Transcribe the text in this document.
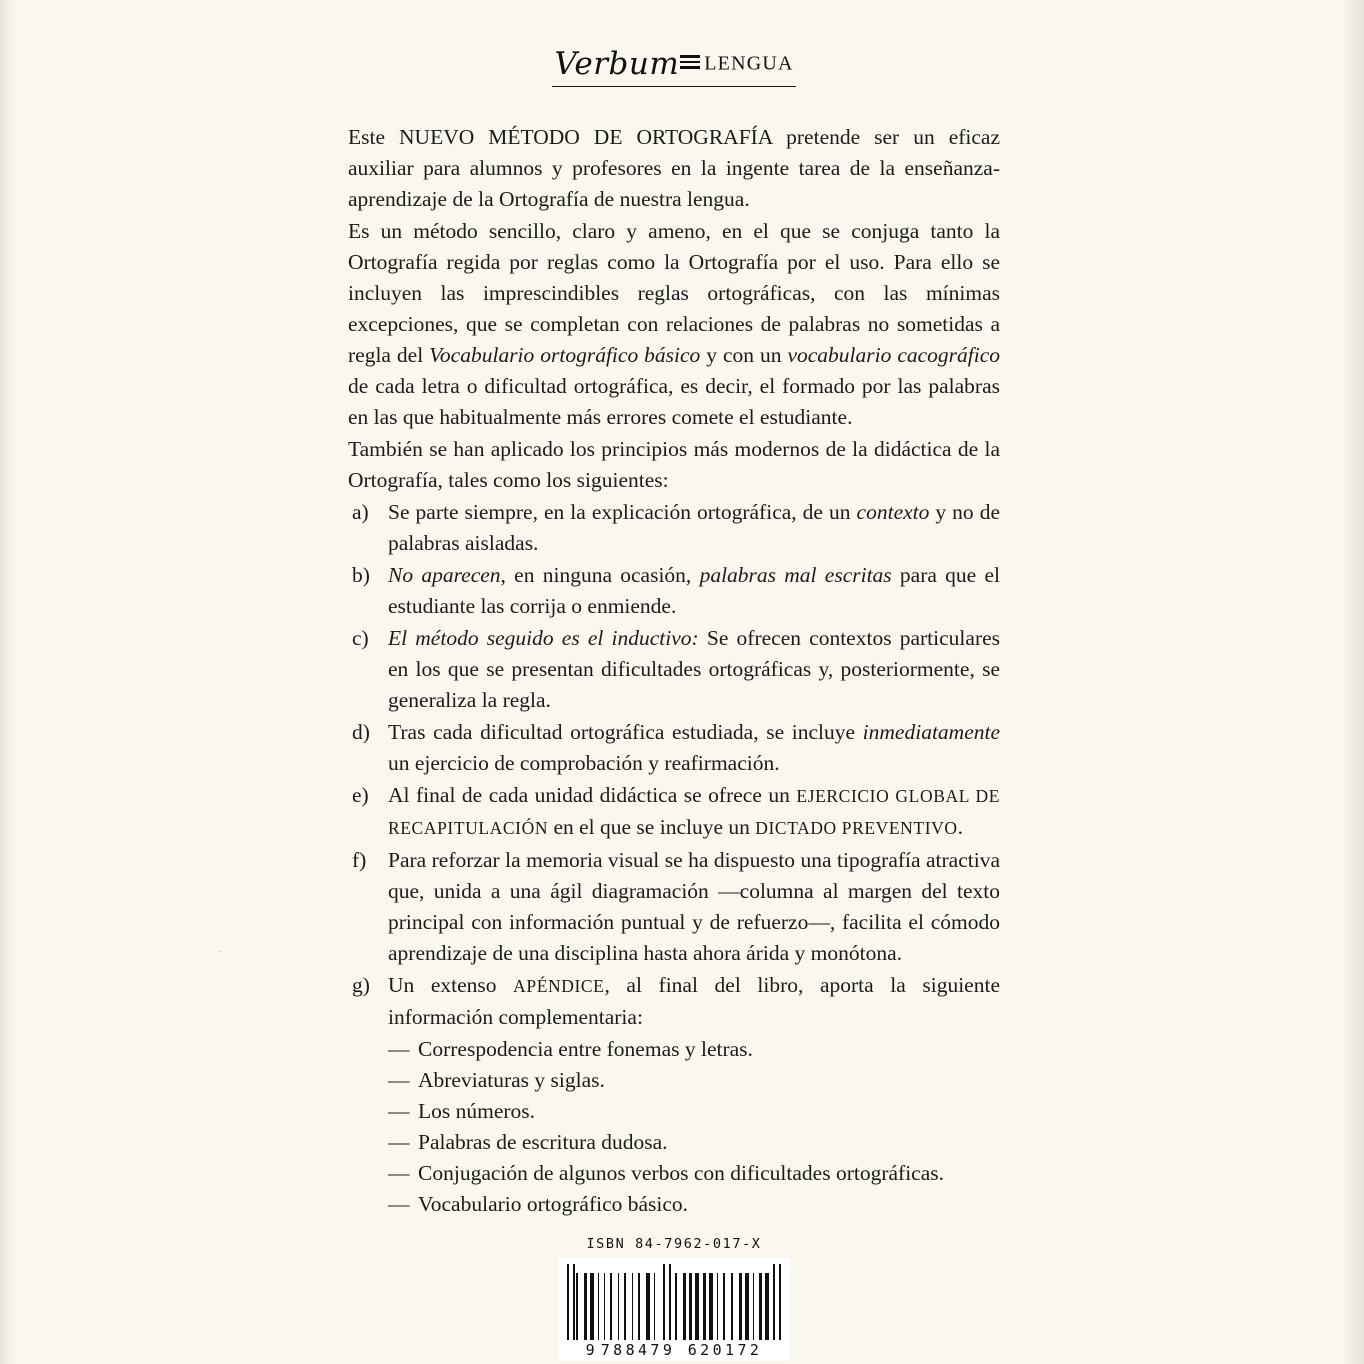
·
Verbum LENGUA

Este NUEVO MÉTODO DE ORTOGRAFÍA pretende ser un eficaz auxiliar para alumnos y profesores en la ingente tarea de la enseñanza-aprendizaje de la Ortografía de nuestra lengua.

Es un método sencillo, claro y ameno, en el que se conjuga tanto la Ortografía regida por reglas como la Ortografía por el uso. Para ello se incluyen las imprescindibles reglas ortográficas, con las mínimas excepciones, que se completan con relaciones de palabras no sometidas a regla del Vocabulario ortográfico básico y con un vocabulario cacográfico de cada letra o dificultad ortográfica, es decir, el formado por las palabras en las que habitualmente más errores comete el estudiante.

También se han aplicado los principios más modernos de la didáctica de la Ortografía, tales como los siguientes:

a) Se parte siempre, en la explicación ortográfica, de un contexto y no de palabras aisladas.
b) No aparecen, en ninguna ocasión, palabras mal escritas para que el estudiante las corrija o enmiende.
c) El método seguido es el inductivo: Se ofrecen contextos particulares en los que se presentan dificultades ortográficas y, posteriormente, se generaliza la regla.
d) Tras cada dificultad ortográfica estudiada, se incluye inmediatamente un ejercicio de comprobación y reafirmación.
e) Al final de cada unidad didáctica se ofrece un EJERCICIO GLOBAL DE RECAPITULACIÓN en el que se incluye un DICTADO PREVENTIVO.
f)	Para reforzar la memoria visual se ha dispuesto una tipografía atractiva que, unida a una ágil diagramación —columna al margen del texto principal con información puntual y de refuerzo—, facilita el cómodo aprendizaje de una disciplina hasta ahora árida y monótona.
g) Un extenso APÉNDICE, al final del libro, aporta la siguiente información complementaria:
— Correspodencia entre fonemas y letras.
— Abreviaturas y siglas.
— Los números.
— Palabras de escritura dudosa.
— Conjugación de algunos verbos con dificultades ortográficas.
— Vocabulario ortográfico básico.
ISBN 84-7962-017-X
9 788479 620172
